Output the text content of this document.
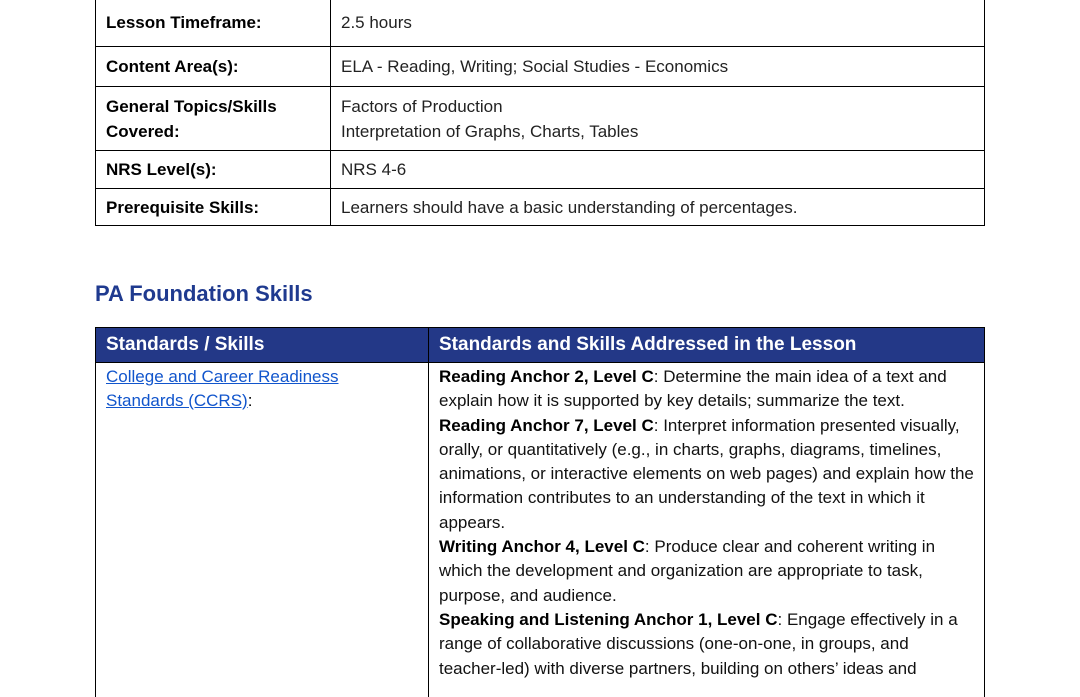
Lesson Timeframe:	2.5 hours
Content Area(s):	ELA - Reading, Writing; Social Studies - Economics
General Topics/Skills Covered:	Factors of Production
Interpretation of Graphs, Charts, Tables

NRS Level(s):	NRS 4-6
Prerequisite Skills:	Learners should have a basic understanding of percentages.
PA Foundation Skills
Standards / Skills	Standards and Skills Addressed in the Lesson
College and Career Readiness Standards (CCRS):	Reading Anchor 2, Level C: Determine the main idea of a text and explain how it is supported by key details; summarize the text.
Reading Anchor 7, Level C: Interpret information presented visually, orally, or quantitatively (e.g., in charts, graphs, diagrams, timelines, animations, or interactive elements on web pages) and explain how the information contributes to an understanding of the text in which it appears.
Writing Anchor 4, Level C: Produce clear and coherent writing in which the development and organization are appropriate to task, purpose, and audience.
Speaking and Listening Anchor 1, Level C: Engage effectively in a range of collaborative discussions (one-on-one, in groups, and teacher-led) with diverse partners, building on others’ ideas and
